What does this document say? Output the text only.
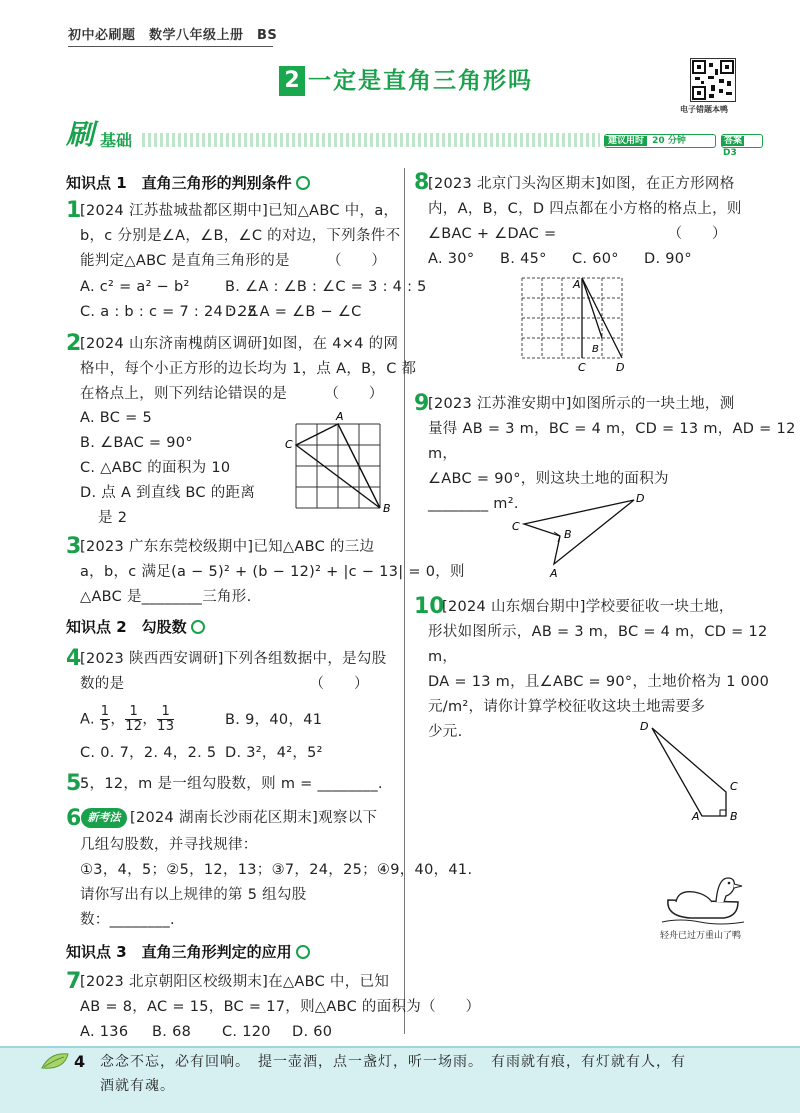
初中必刷题　数学八年级上册　BS
2 一定是直角三角形吗
电子错题本鸭
刷 基础	建议用时 20 分钟	答案 D3
知识点 1　直角三角形的判别条件
1
[2024 江苏盐城盐都区期中]已知△ABC 中，a，
b，c 分别是∠A，∠B，∠C 的对边，下列条件不
能判定△ABC 是直角三角形的是　　　（　　）
A. c² = a² − b² B. ∠A : ∠B : ∠C = 3 : 4 : 5
C. a : b : c = 7 : 24 : 25
D. ∠A = ∠B − ∠C
2
[2024 山东济南槐荫区调研]如图，在 4×4 的网
格中，每个小正方形的边长均为 1，点 A，B，C 都
在格点上，则下列结论错误的是　　　（　　）
A. BC = 5
B. ∠BAC = 90°
C. △ABC 的面积为 10
D. 点 A 到直线 BC 的距离
是 2
A
C
B
3
[2023 广东东莞校级期中]已知△ABC 的三边
a，b，c 满足(a − 5)² + (b − 12)² + |c − 13| = 0，则
△ABC 是________三角形.
知识点 2　勾股数
4
[2023 陕西西安调研]下列各组数据中，是勾股
数的是　　　　　　　　　　　　　（　　）
A. $\frac{1}{5}$ ， $\frac{1}{12}$ ， $\frac{1}{13}$	B. 9，40，41
C. 0. 7，2. 4，2. 5 D. 3²，4²，5²
5
5，12，m 是一组勾股数，则 m = ________.
6 新考法 [2024 湖南长沙雨花区期末]观察以下
几组勾股数，并寻找规律：
①3，4，5；②5，12，13；③7，24，25；④9，40，41.
请你写出有以上规律的第 5 组勾股
数：________.
知识点 3　直角三角形判定的应用
7
[2023 北京朝阳区校级期末]在△ABC 中，已知
AB = 8，AC = 15，BC = 17，则△ABC 的面积为（　　）
A. 136 B. 68 C. 120 D. 60
8
[2023 北京门头沟区期末]如图，在正方形网格
内，A，B，C，D 四点都在小方格的格点上，则
∠BAC + ∠DAC =　　　　　　　　（　　）
A. 30° B. 45° C. 60° D. 90°
A
B
C	D
9
[2023 江苏淮安期中]如图所示的一块土地，测
量得 AB = 3 m，BC = 4 m，CD = 13 m，AD = 12 m，
∠ABC = 90°，则这块土地的面积为
________ m².	D
C
B
A
10
[2024 山东烟台期中]学校要征收一块土地，
形状如图所示，AB = 3 m，BC = 4 m，CD = 12 m，
DA = 13 m，且∠ABC = 90°，土地价格为 1 000
元/m²，请你计算学校征收这块土地需要多
少元.	D
C
A	B
轻舟已过万重山了鸭
4 念念不忘，必有回响。　提一壶酒，点一盏灯，听一场雨。　有雨就有痕，有灯就有人，有
酒就有魂。
